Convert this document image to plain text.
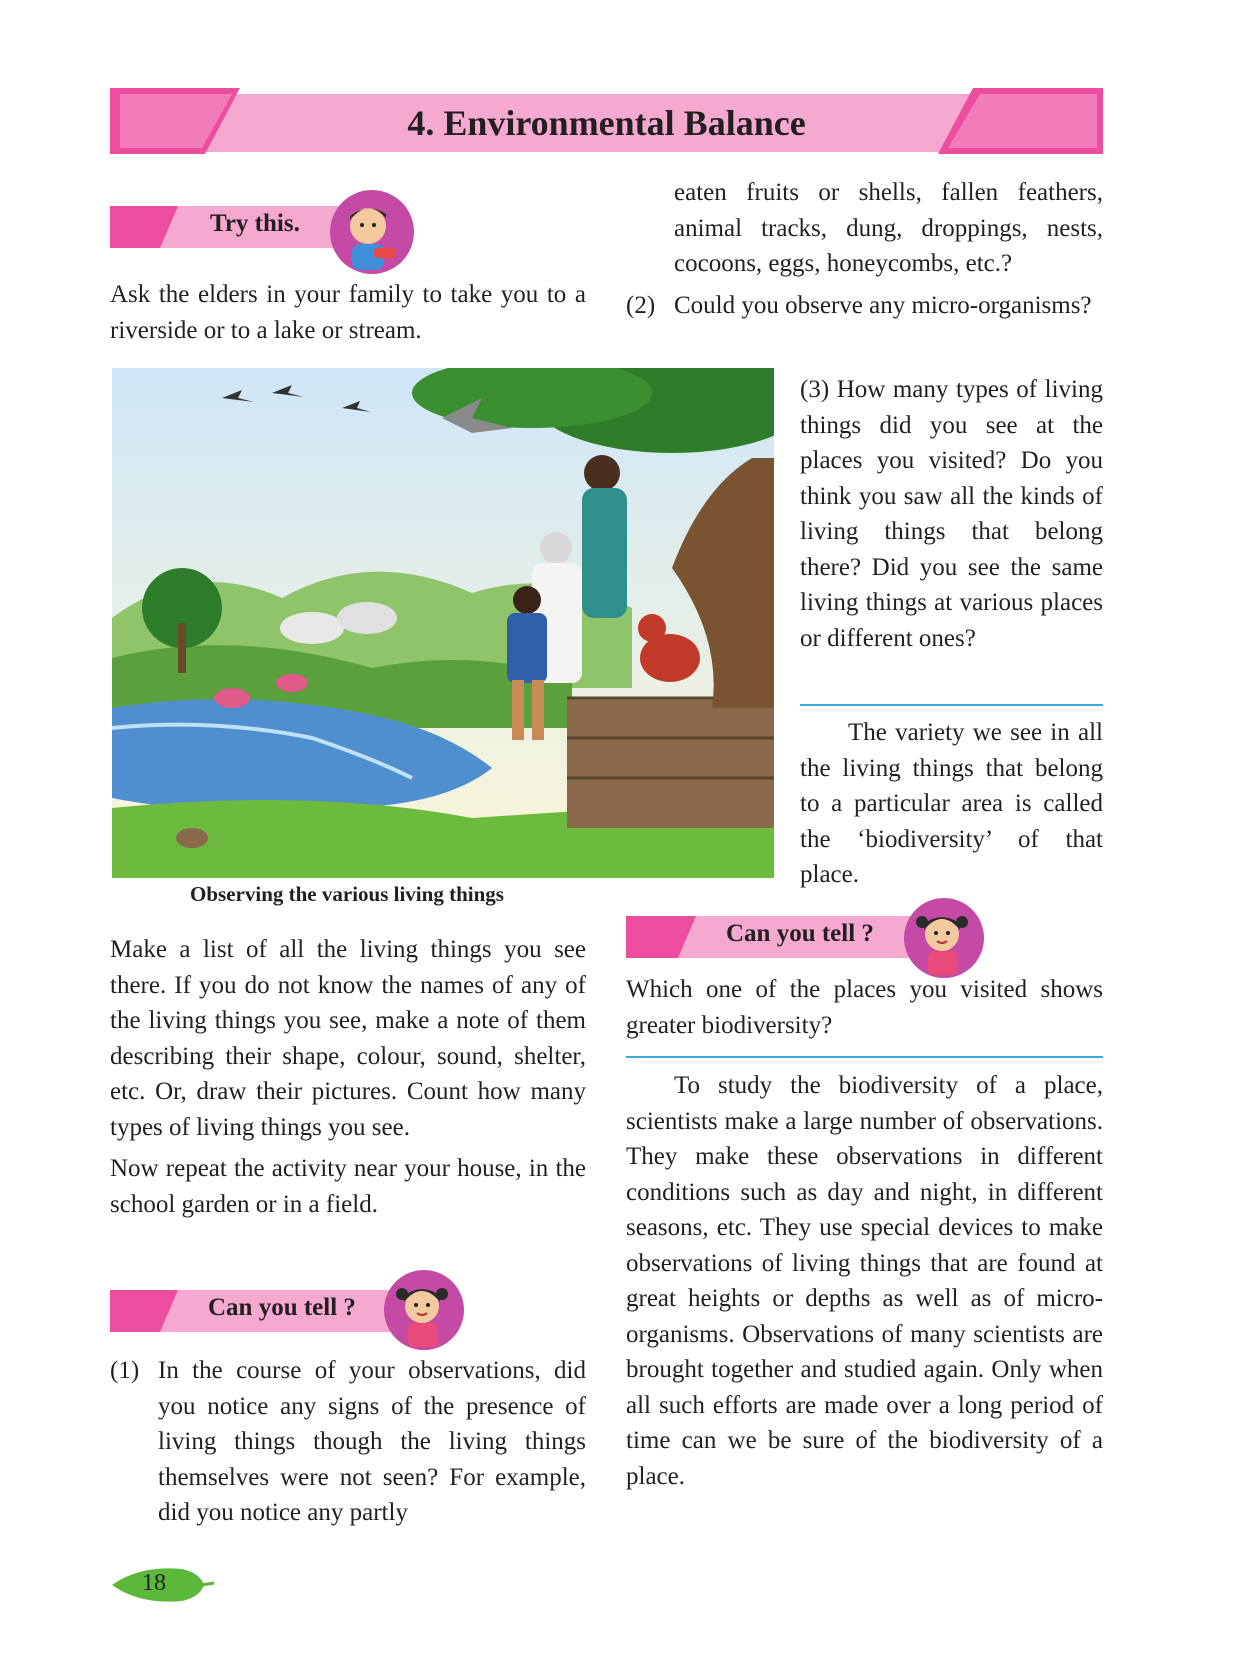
4. Environmental Balance
Try this.
Ask the elders in your family to take you to a riverside or to a lake or stream.
Observing the various living things

Make a list of all the living things you see there. If you do not know the names of any of the living things you see, make a note of them describing their shape, colour, sound, shelter, etc. Or, draw their pictures. Count how many types of living things you see.

Now repeat the activity near your house, in the school garden or in a field.

Can you tell ?
(1) In the course of your observations, did you notice any signs of the presence of living things though the living things themselves were not seen? For example, did you notice any partly
eaten fruits or shells, fallen feathers, animal tracks, dung, droppings, nests, cocoons, eggs, honeycombs, etc.?
(2) Could you observe any micro-organisms?
(3) How many types of living things did you see at the places you visited? Do you think you saw all the kinds of living things that belong there? Did you see the same living things at various places or different ones?
The variety we see in all the living things that belong to a particular area is called the ‘biodiversity’ of that place.
Can you tell ?
Which one of the places you visited shows greater biodiversity?
To study the biodiversity of a place, scientists make a large number of observations. They make these observations in different conditions such as day and night, in different seasons, etc. They use special devices to make observations of living things that are found at great heights or depths as well as of micro-organisms. Observations of many scientists are brought together and studied again. Only when all such efforts are made over a long period of time can we be sure of the biodiversity of a place.
18
